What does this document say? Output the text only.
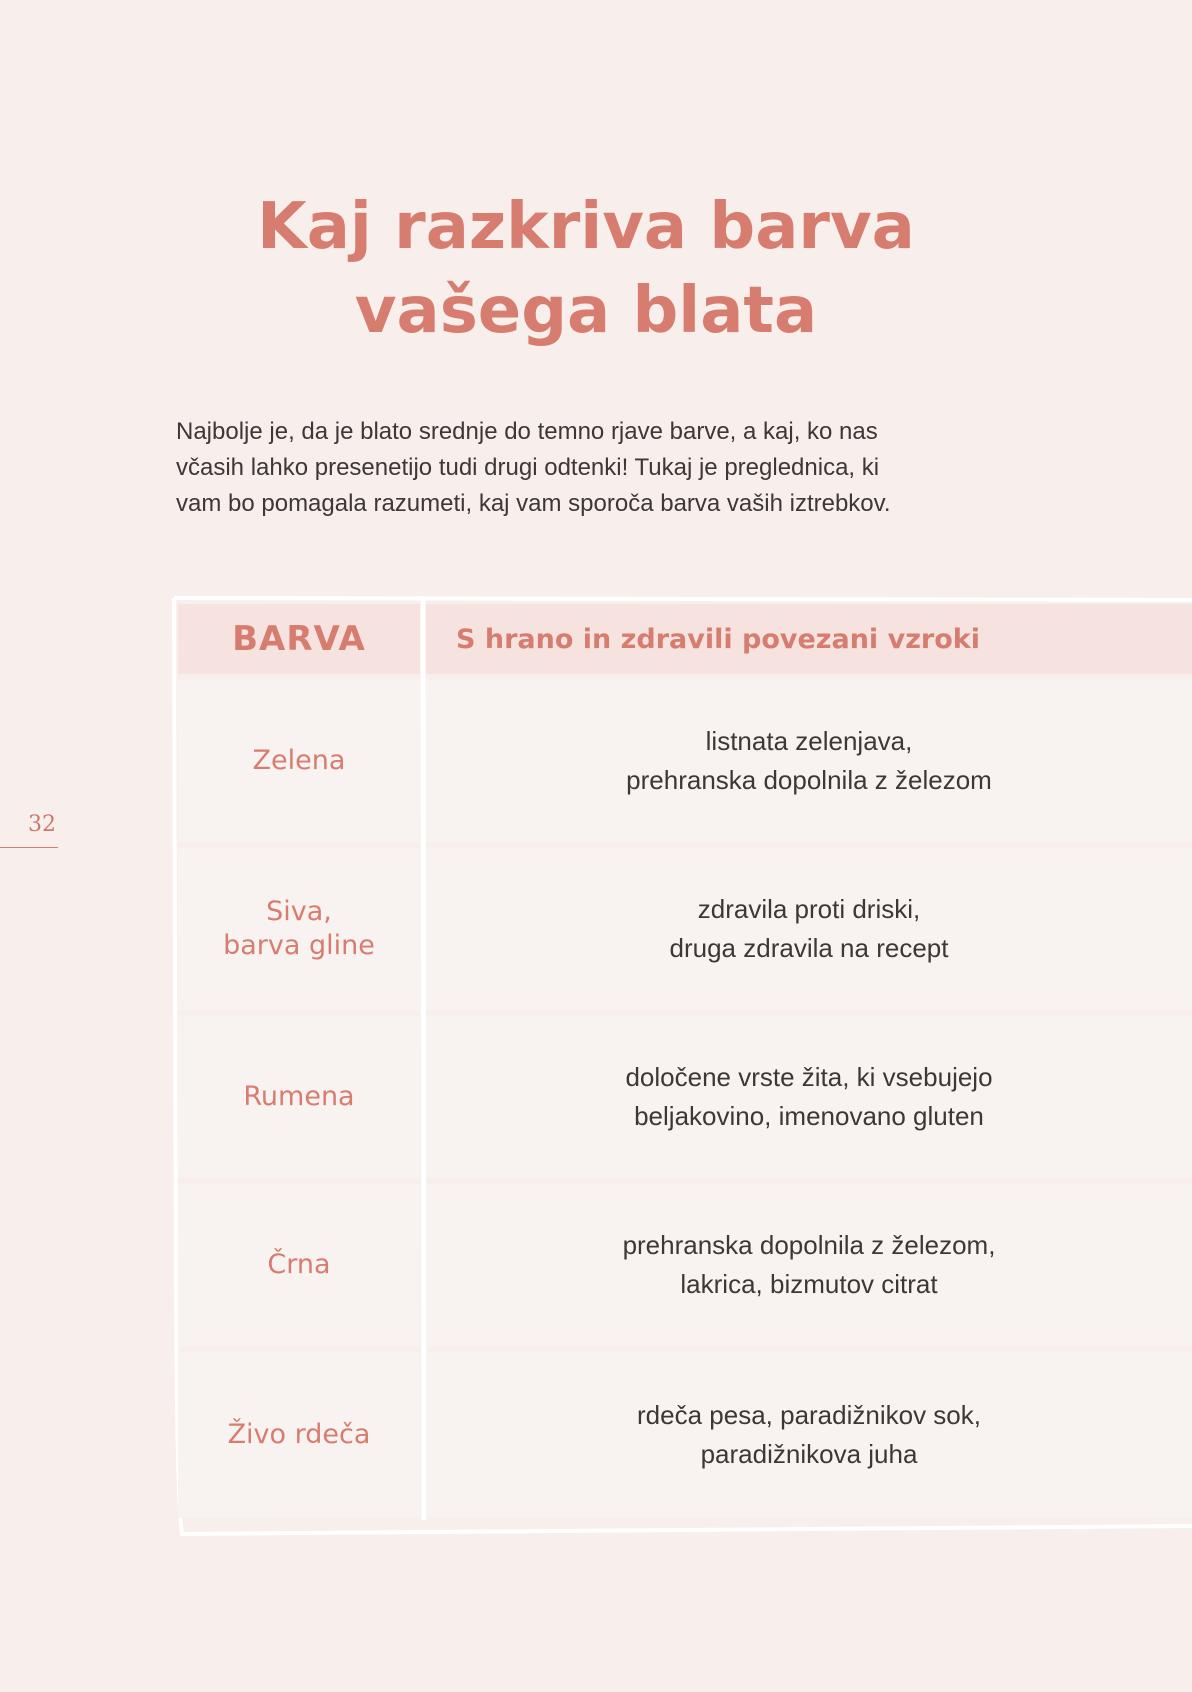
Kaj razkriva barva
vašega blata

Najbolje je, da je blato srednje do temno rjave barve, a kaj, ko nas
včasih lahko presenetijo tudi drugi odtenki! Tukaj je preglednica, ki
vam bo pomagala razumeti, kaj vam sporoča barva vaših iztrebkov.

32
BARVA	S hrano in zdravili povezani vzroki
Zelena
listnata zelenjava,
prehranska dopolnila z železom
Siva,
barva gline
zdravila proti driski,
druga zdravila na recept
Rumena
določene vrste žita, ki vsebujejo
beljakovino, imenovano gluten
Črna
prehranska dopolnila z železom,
lakrica, bizmutov citrat
Živo rdeča
rdeča pesa, paradižnikov sok,
paradižnikova juha
